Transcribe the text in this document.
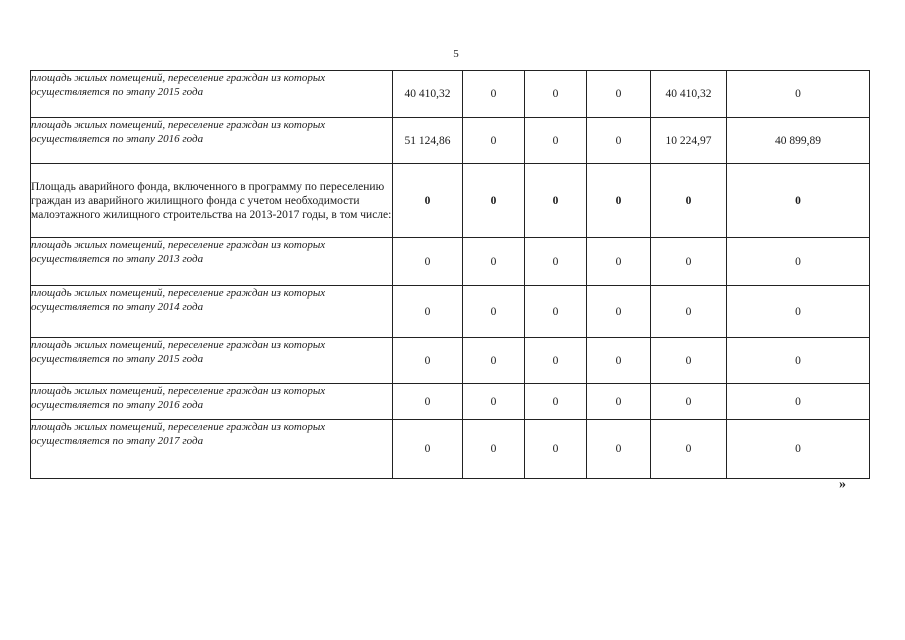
5
площадь жилых помещений, переселение граждан из которых осуществляется по этапу 2015 года	40 410,32	0	0	0	40 410,32	0
площадь жилых помещений, переселение граждан из которых осуществляется по этапу 2016 года	51 124,86	0	0	0	10 224,97	40 899,89
Площадь аварийного фонда, включенного в программу по переселению граждан из аварийного жилищного фонда с учетом необходимости малоэтажного жилищного строительства на 2013-2017 годы, в том числе:	0	0	0	0	0	0
площадь жилых помещений, переселение граждан из которых осуществляется по этапу 2013 года	0	0	0	0	0	0
площадь жилых помещений, переселение граждан из которых осуществляется по этапу 2014 года	0	0	0	0	0	0
площадь жилых помещений, переселение граждан из которых осуществляется по этапу 2015 года	0	0	0	0	0	0
площадь жилых помещений, переселение граждан из которых осуществляется по этапу 2016 года	0	0	0	0	0	0
площадь жилых помещений, переселение граждан из которых осуществляется по этапу 2017 года	0	0	0	0	0	0
»
